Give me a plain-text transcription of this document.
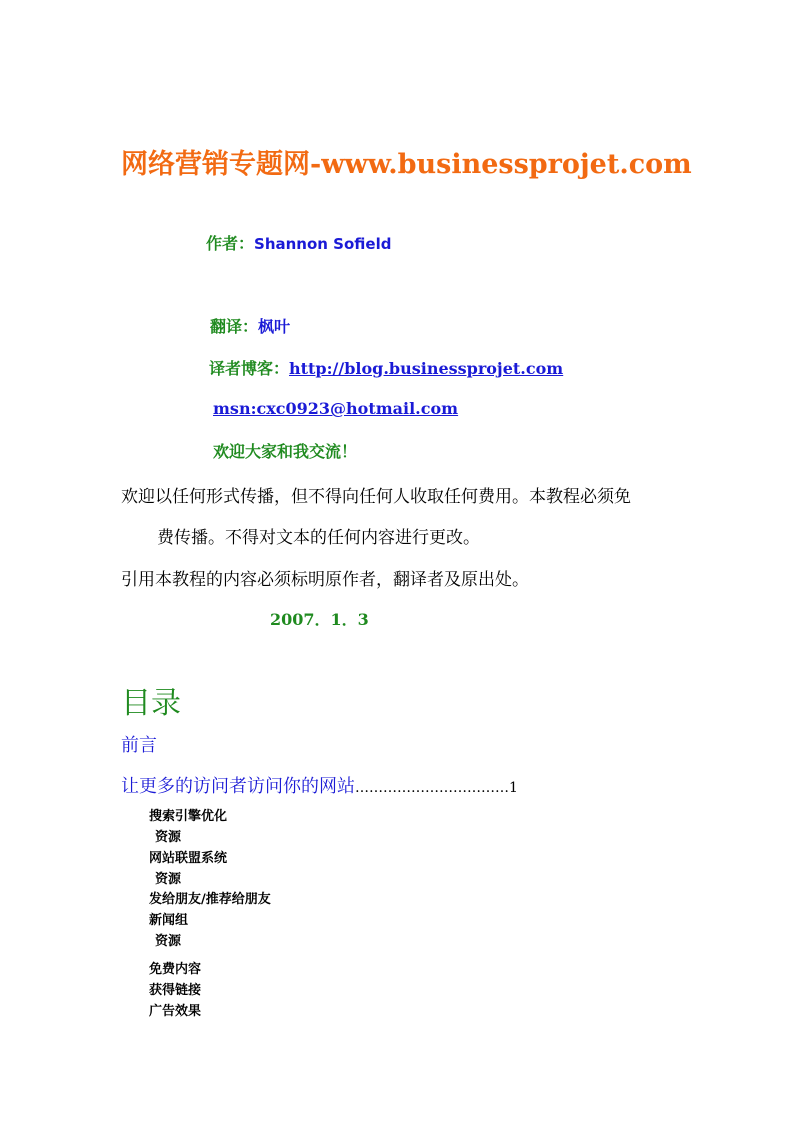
网络营销专题网-www.businessprojet.com
作者：Shannon Sofield
翻译：枫叶
译者博客：http://blog.businessprojet.com
msn:cxc0923@hotmail.com
欢迎大家和我交流！
欢迎以任何形式传播，但不得向任何人收取任何费用。本教程必须免
费传播。不得对文本的任何内容进行更改。
引用本教程的内容必须标明原作者，翻译者及原出处。
2007．1．3
目录
前言
让更多的访问者访问你的网站……………………………1
搜索引擎优化
资源
网站联盟系统
资源
发给朋友/推荐给朋友
新闻组
资源
免费内容
获得链接
广告效果
